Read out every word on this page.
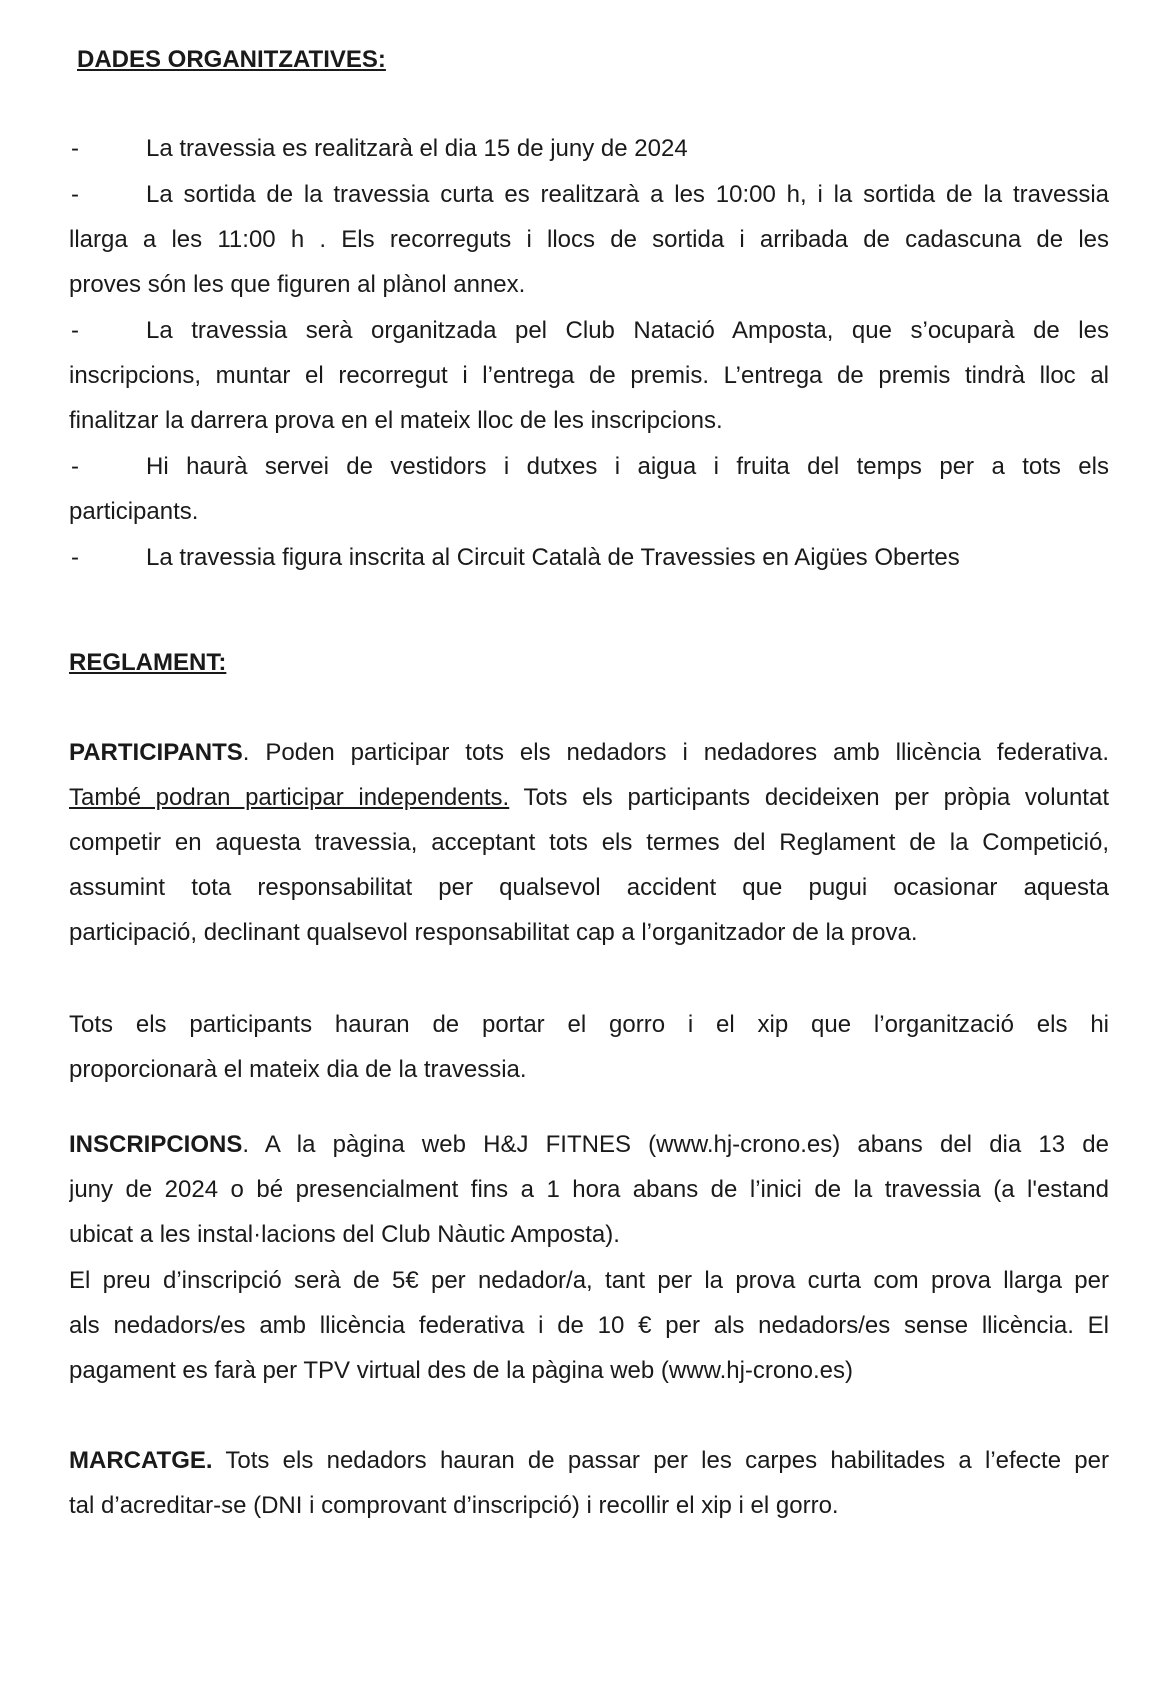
DADES ORGANITZATIVES:
-	La travessia es realitzarà el dia 15 de juny de 2024
-	La sortida de la travessia curta es realitzarà a les 10:00 h, i la sortida de la travessia
llarga a les 11:00 h . Els recorreguts i llocs de sortida i arribada de cadascuna de les
proves són les que figuren al plànol annex.
-	La travessia serà organitzada pel Club Natació Amposta, que s’ocuparà de les
inscripcions, muntar el recorregut i l’entrega de premis. L’entrega de premis tindrà lloc al
finalitzar la darrera prova en el mateix lloc de les inscripcions.
-	Hi haurà servei de vestidors i dutxes i aigua i fruita del temps per a tots els
participants.
-	La travessia figura inscrita al Circuit Català de Travessies en Aigües Obertes
REGLAMENT:
PARTICIPANTS. Poden participar tots els nedadors i nedadores amb llicència federativa.
També podran participar independents. Tots els participants decideixen per pròpia voluntat
competir en aquesta travessia, acceptant tots els termes del Reglament de la Competició,
assumint tota responsabilitat per qualsevol accident que pugui ocasionar aquesta
participació, declinant qualsevol responsabilitat cap a l’organitzador de la prova.
Tots els participants hauran de portar el gorro i el xip que l’organització els hi
proporcionarà el mateix dia de la travessia.
INSCRIPCIONS. A la pàgina web H&J FITNES (www.hj-crono.es) abans del dia 13 de
juny de 2024 o bé presencialment fins a 1 hora abans de l’inici de la travessia (a l'estand
ubicat a les instal·lacions del Club Nàutic Amposta).
El preu d’inscripció serà de 5€ per nedador/a, tant per la prova curta com prova llarga per
als nedadors/es amb llicència federativa i de 10 € per als nedadors/es sense llicència. El
pagament es farà per TPV virtual des de la pàgina web (www.hj-crono.es)
MARCATGE. Tots els nedadors hauran de passar per les carpes habilitades a l’efecte per
tal d’acreditar-se (DNI i comprovant d’inscripció) i recollir el xip i el gorro.
